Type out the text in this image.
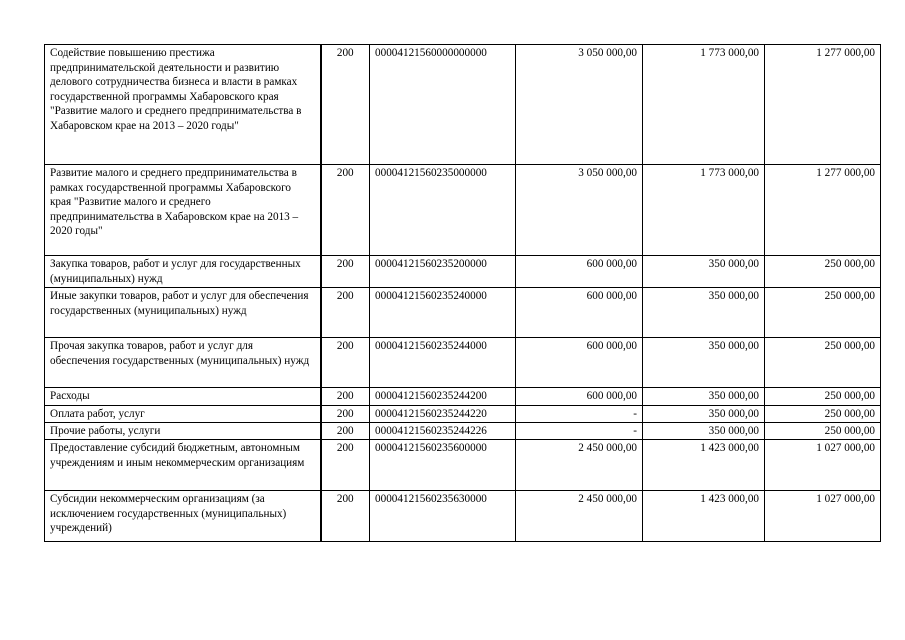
Содействие повышению престижа предпринимательской деятельности и развитию делового сотрудничества бизнеса и власти в рамках государственной программы Хабаровского края "Развитие малого и среднего предпринимательства в Хабаровском крае на 2013 – 2020 годы"	200	00004121560000000000	3 050 000,00	1 773 000,00	1 277 000,00
Развитие малого и среднего предпринимательства в рамках государственной программы Хабаровского края "Развитие малого и среднего предпринимательства в Хабаровском крае на 2013 – 2020 годы"	200	00004121560235000000	3 050 000,00	1 773 000,00	1 277 000,00
Закупка товаров, работ и услуг для государственных (муниципальных) нужд	200	00004121560235200000	600 000,00	350 000,00	250 000,00
Иные закупки товаров, работ и услуг для обеспечения государственных (муниципальных) нужд	200	00004121560235240000	600 000,00	350 000,00	250 000,00
Прочая закупка товаров, работ и услуг для обеспечения государственных (муниципальных) нужд	200	00004121560235244000	600 000,00	350 000,00	250 000,00
Расходы	200	00004121560235244200	600 000,00	350 000,00	250 000,00
Оплата работ, услуг	200	00004121560235244220	-	350 000,00	250 000,00
Прочие работы, услуги	200	00004121560235244226	-	350 000,00	250 000,00
Предоставление субсидий бюджетным, автономным учреждениям и иным некоммерческим организациям	200	00004121560235600000	2 450 000,00	1 423 000,00	1 027 000,00
Субсидии некоммерческим организациям (за исключением государственных (муниципальных) учреждений)	200	00004121560235630000	2 450 000,00	1 423 000,00	1 027 000,00
